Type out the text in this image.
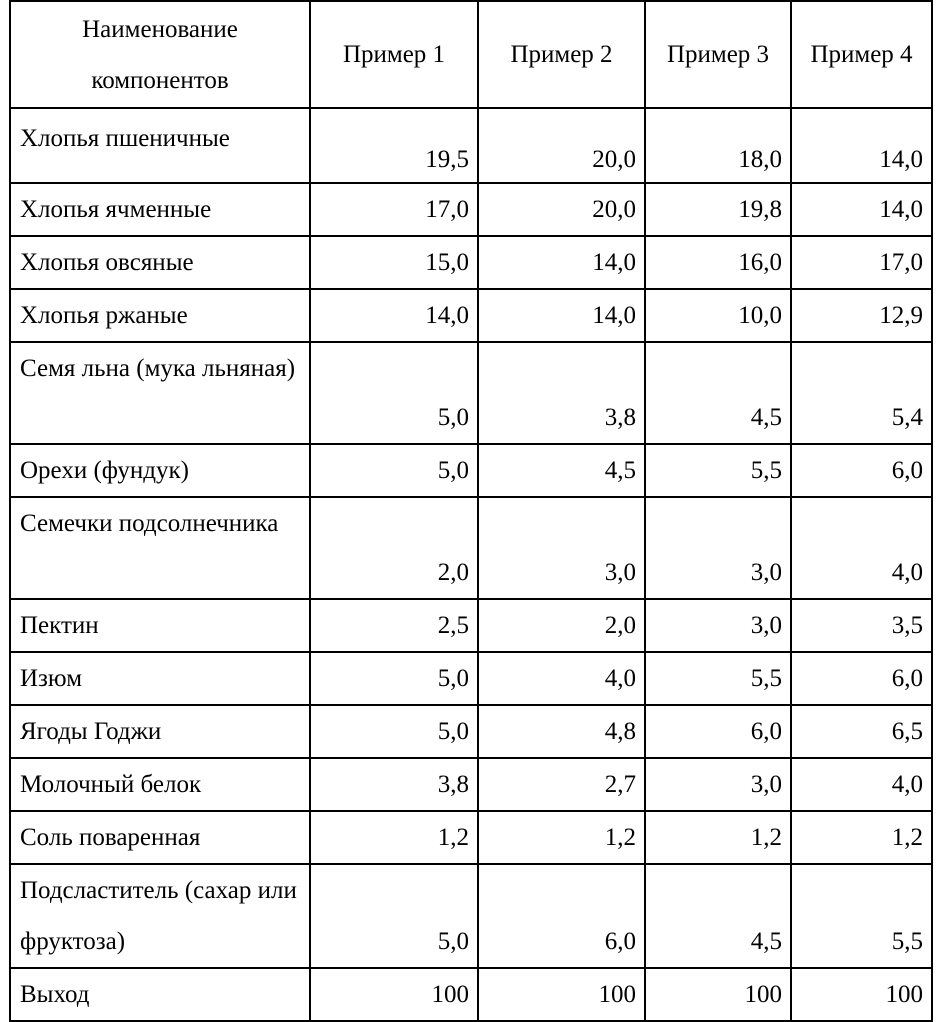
Наименование компонентов	Пример 1	Пример 2	Пример 3	Пример 4
Хлопья пшеничные	19,5	20,0	18,0	14,0
Хлопья ячменные	17,0	20,0	19,8	14,0
Хлопья овсяные	15,0	14,0	16,0	17,0
Хлопья ржаные	14,0	14,0	10,0	12,9
Семя льна (мука льняная)	5,0	3,8	4,5	5,4
Орехи (фундук)	5,0	4,5	5,5	6,0
Семечки подсолнечника	2,0	3,0	3,0	4,0
Пектин	2,5	2,0	3,0	3,5
Изюм	5,0	4,0	5,5	6,0
Ягоды Годжи	5,0	4,8	6,0	6,5
Молочный белок	3,8	2,7	3,0	4,0
Соль поваренная	1,2	1,2	1,2	1,2
Подсластитель (сахар или фруктоза)	5,0	6,0	4,5	5,5
Выход	100	100	100	100
